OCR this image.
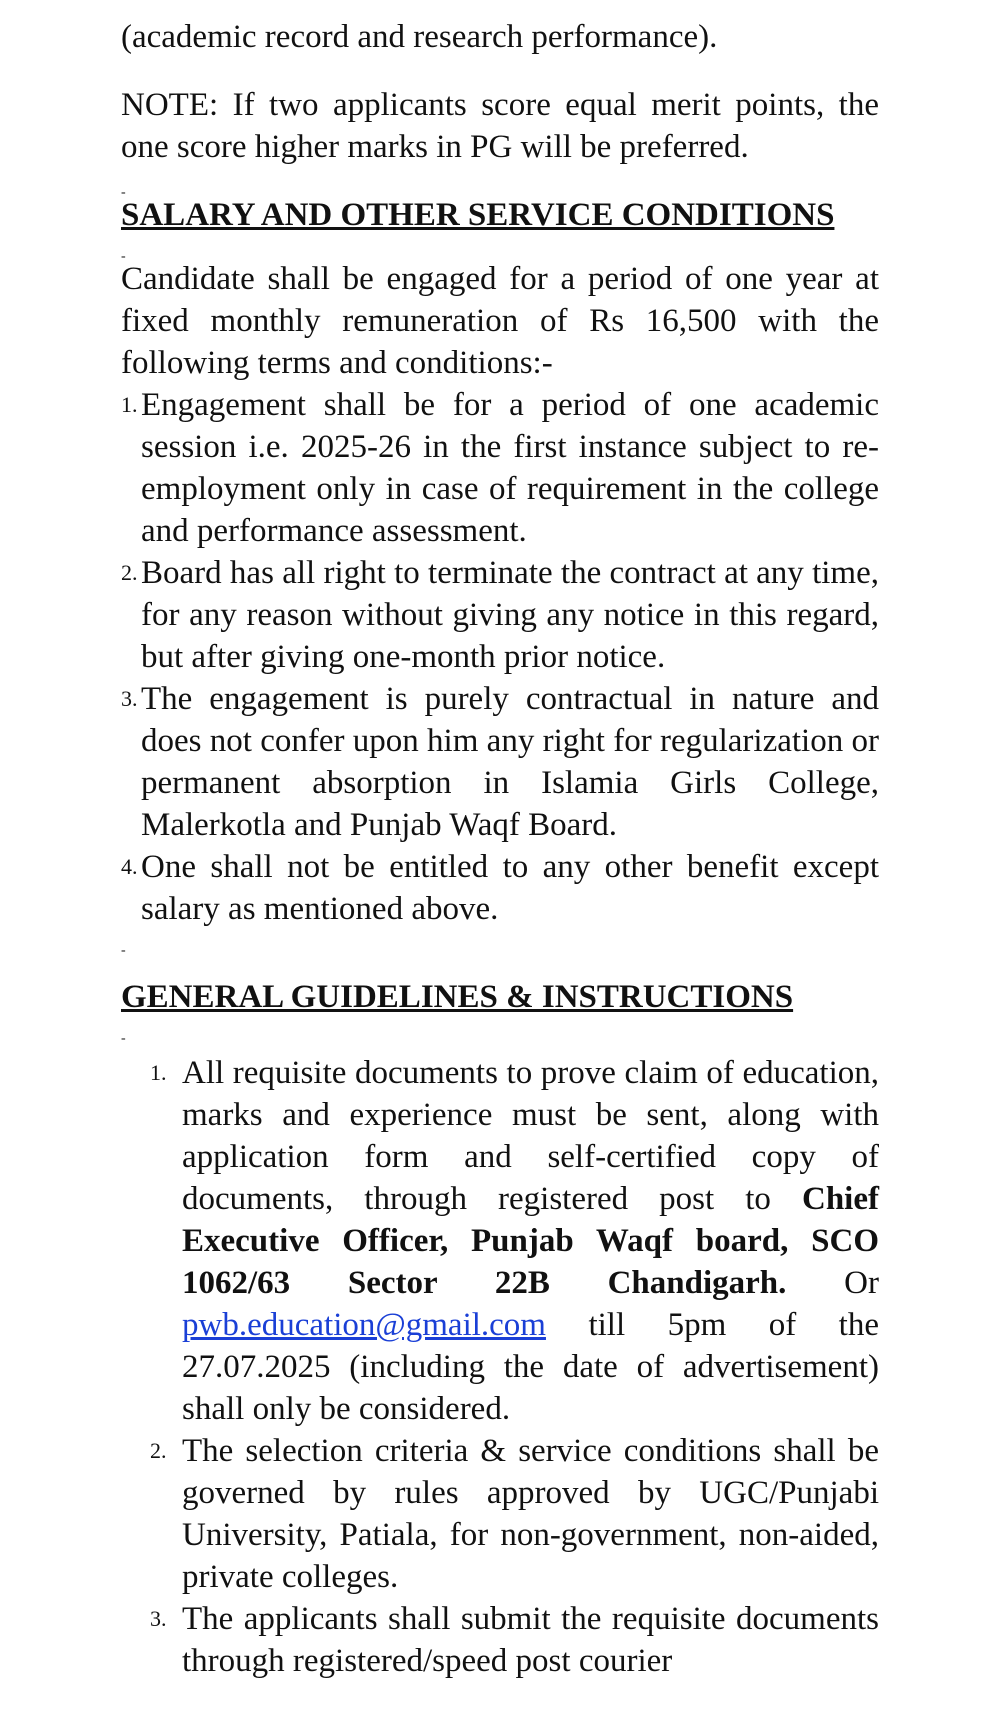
(academic record and research performance).

NOTE: If two applicants score equal merit points, the one score higher marks in PG will be preferred.

-

SALARY AND OTHER SERVICE CONDITIONS

-

Candidate shall be engaged for a period of one year at fixed monthly remuneration of Rs 16,500 with the following terms and conditions:-

1. Engagement shall be for a period of one academic session i.e. 2025-26 in the first instance subject to re-employment only in case of requirement in the college and performance assessment.
2. Board has all right to terminate the contract at any time, for any reason without giving any notice in this regard, but after giving one-month prior notice.
3. The engagement is purely contractual in nature and does not confer upon him any right for regularization or permanent absorption in Islamia Girls College, Malerkotla and Punjab Waqf Board.
4. One shall not be entitled to any other benefit except salary as mentioned above.

-

GENERAL GUIDELINES & INSTRUCTIONS

-

1. All requisite documents to prove claim of education, marks and experience must be sent, along with application form and self-certified copy of documents, through registered post to Chief Executive Officer, Punjab Waqf board, SCO 1062/63 Sector 22B Chandigarh. Or pwb.education@gmail.com till 5pm of the 27.07.2025 (including the date of advertisement) shall only be considered.
2. The selection criteria & service conditions shall be governed by rules approved by UGC/Punjabi University, Patiala, for non-government, non-aided, private colleges.
3. The applicants shall submit the requisite documents through registered/speed post courier
